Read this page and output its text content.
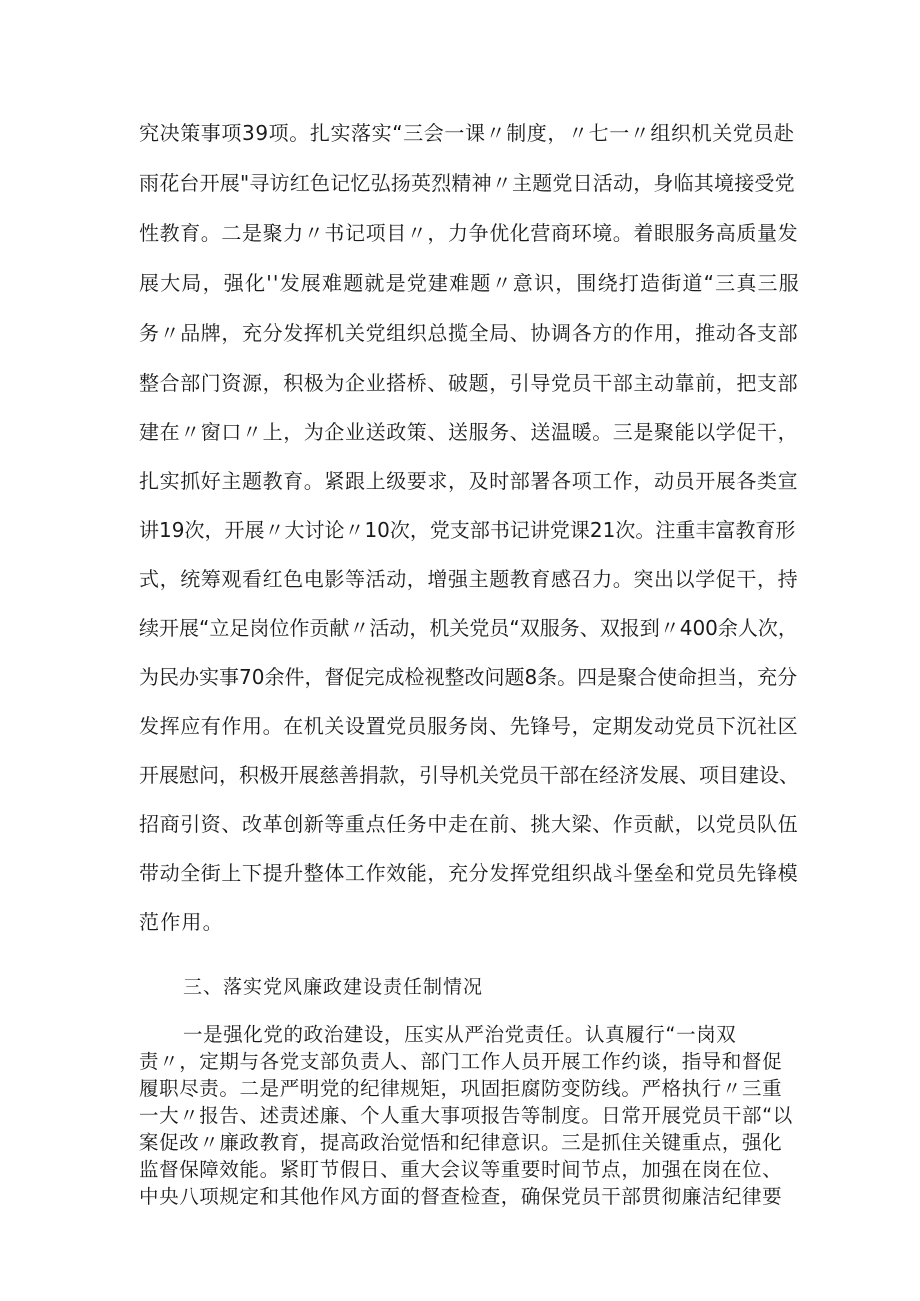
究决策事项39项。扎实落实“三会一课〃制度，〃七一〃组织机关党员赴

雨花台开展"寻访红色记忆弘扬英烈精神〃主题党日活动，身临其境接受党

性教育。二是聚力〃书记项目〃，力争优化营商环境。着眼服务高质量发

展大局，强化''发展难题就是党建难题〃意识，围绕打造街道“三真三服

务〃品牌，充分发挥机关党组织总揽全局、协调各方的作用，推动各支部

整合部门资源，积极为企业搭桥、破题，引导党员干部主动靠前，把支部

建在〃窗口〃上，为企业送政策、送服务、送温暖。三是聚能以学促干，

扎实抓好主题教育。紧跟上级要求，及时部署各项工作，动员开展各类宣

讲19次，开展〃大讨论〃10次，党支部书记讲党课21次。注重丰富教育形

式，统筹观看红色电影等活动，增强主题教育感召力。突出以学促干，持

续开展“立足岗位作贡献〃活动，机关党员“双服务、双报到〃400余人次，

为民办实事70余件，督促完成检视整改问题8条。四是聚合使命担当，充分

发挥应有作用。在机关设置党员服务岗、先锋号，定期发动党员下沉社区

开展慰问，积极开展慈善捐款，引导机关党员干部在经济发展、项目建设、

招商引资、改革创新等重点任务中走在前、挑大梁、作贡献，以党员队伍

带动全街上下提升整体工作效能，充分发挥党组织战斗堡垒和党员先锋模

范作用。

三、落实党风廉政建设责任制情况

一是强化党的政治建设，压实从严治党责任。认真履行“一岗双

责〃，定期与各党支部负责人、部门工作人员开展工作约谈，指导和督促

履职尽责。二是严明党的纪律规矩，巩固拒腐防变防线。严格执行〃三重

一大〃报告、述责述廉、个人重大事项报告等制度。日常开展党员干部“以

案促改〃廉政教育，提高政治觉悟和纪律意识。三是抓住关键重点，强化

监督保障效能。紧盯节假日、重大会议等重要时间节点，加强在岗在位、

中央八项规定和其他作风方面的督查检查，确保党员干部贯彻廉洁纪律要
